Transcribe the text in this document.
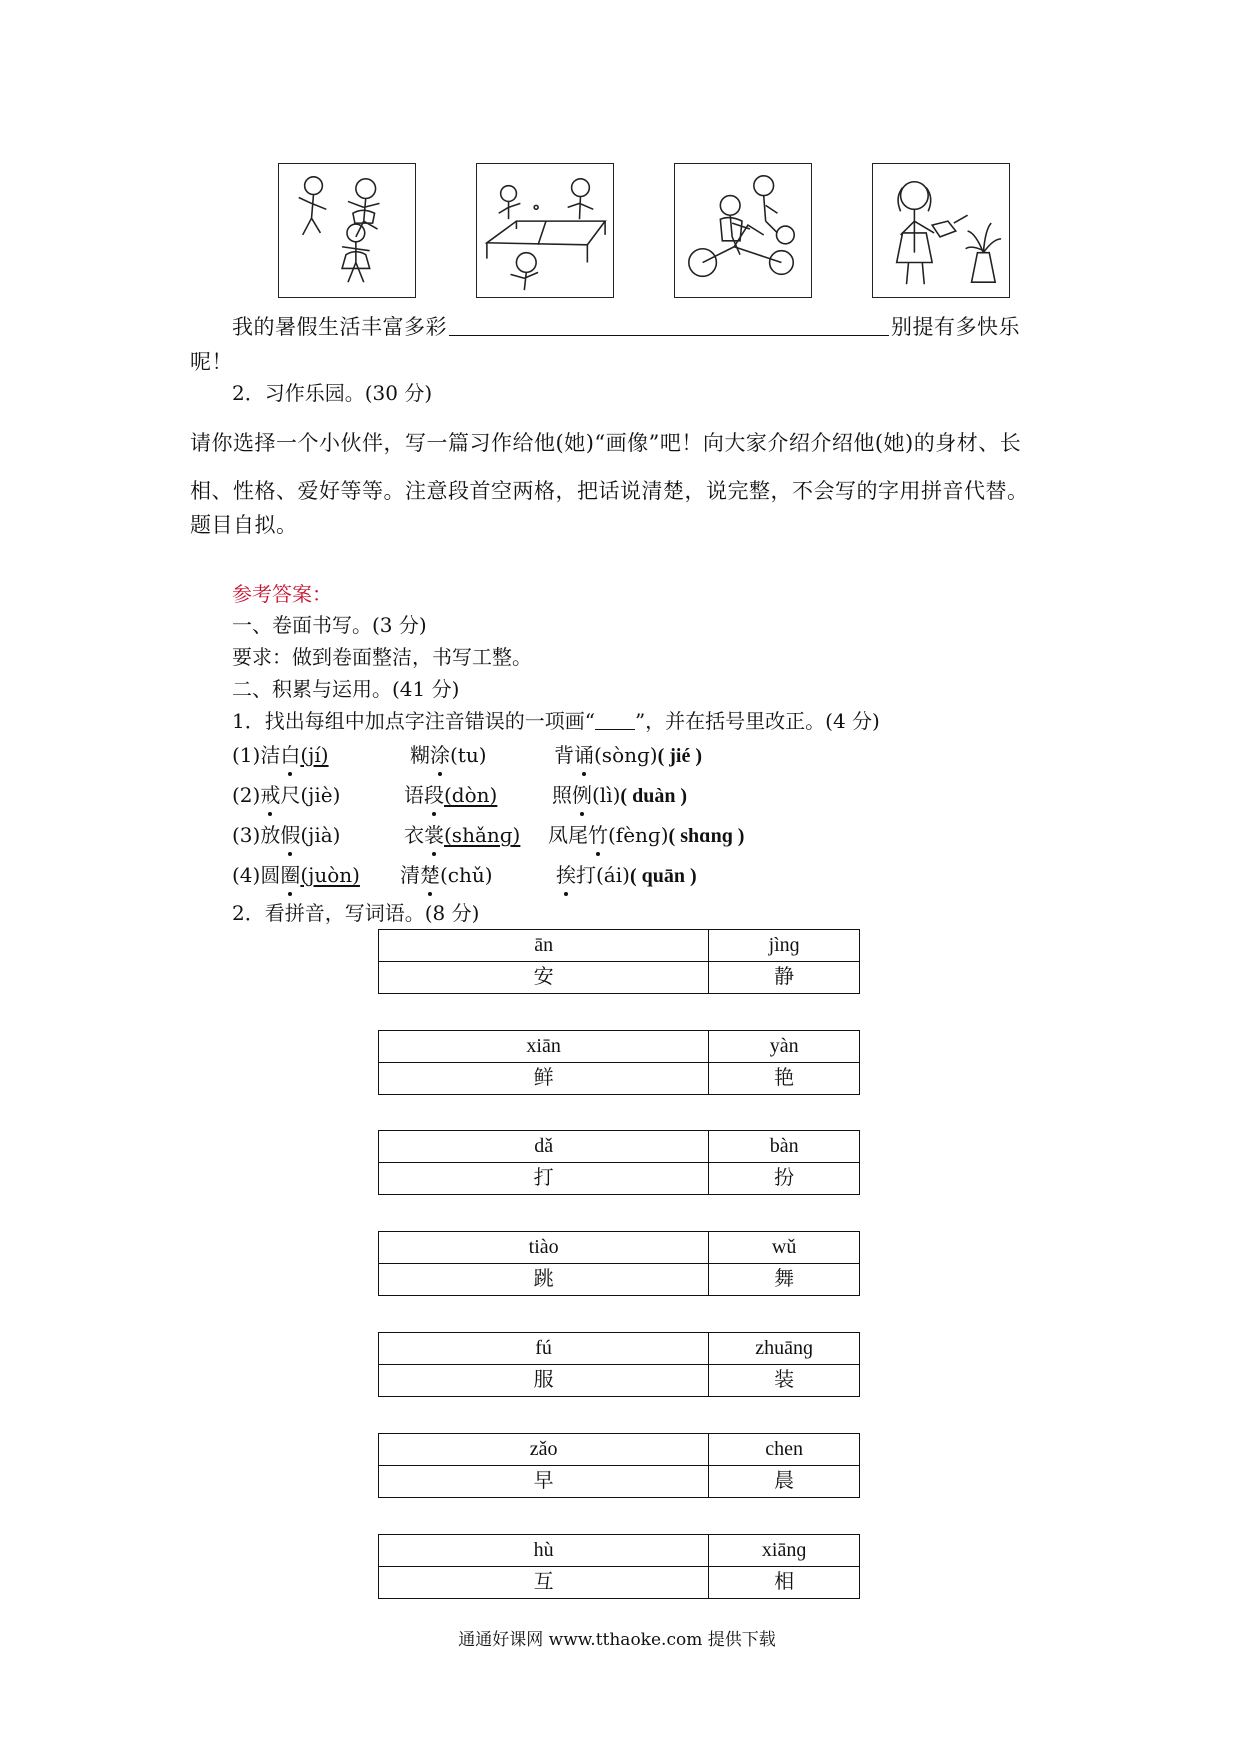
我的暑假生活丰富多彩	别提有多快乐
呢！
2．习作乐园。(30 分)
请你选择一个小伙伴，写一篇习作给他(她)“画像”吧！向大家介绍介绍他(她)的身材、长
相、性格、爱好等等。注意段首空两格，把话说清楚，说完整，不会写的字用拼音代替。
题目自拟。
参考答案：
一、卷面书写。(3 分)
要求：做到卷面整洁，书写工整。
二、积累与运用。(41 分)
1．找出每组中加点字注音错误的一项画“ ”，并在括号里改正。(4 分)
(1)洁白(jí)	糊涂(tu)	背诵(sònɡ)( jié )
(2)戒尺(jiè)	语段(dòn)	照例(lì)( duàn )
(3)放假(jià)	衣裳(shǎnɡ) 凤尾竹(fènɡ)( shɑnɡ )
(4)圆圈(juòn) 清楚(chǔ)	挨打(ái)( quān )
2．看拼音，写词语。(8 分)
ān	jìnɡ
安	静
xiān	yàn
鲜	艳
dǎ	bàn
打	扮
tiào	wǔ
跳	舞
fú	zhuānɡ
服	装
zǎo	chen
早	晨
hù	xiānɡ
互	相
通通好课网 www.tthaoke.com 提供下载
